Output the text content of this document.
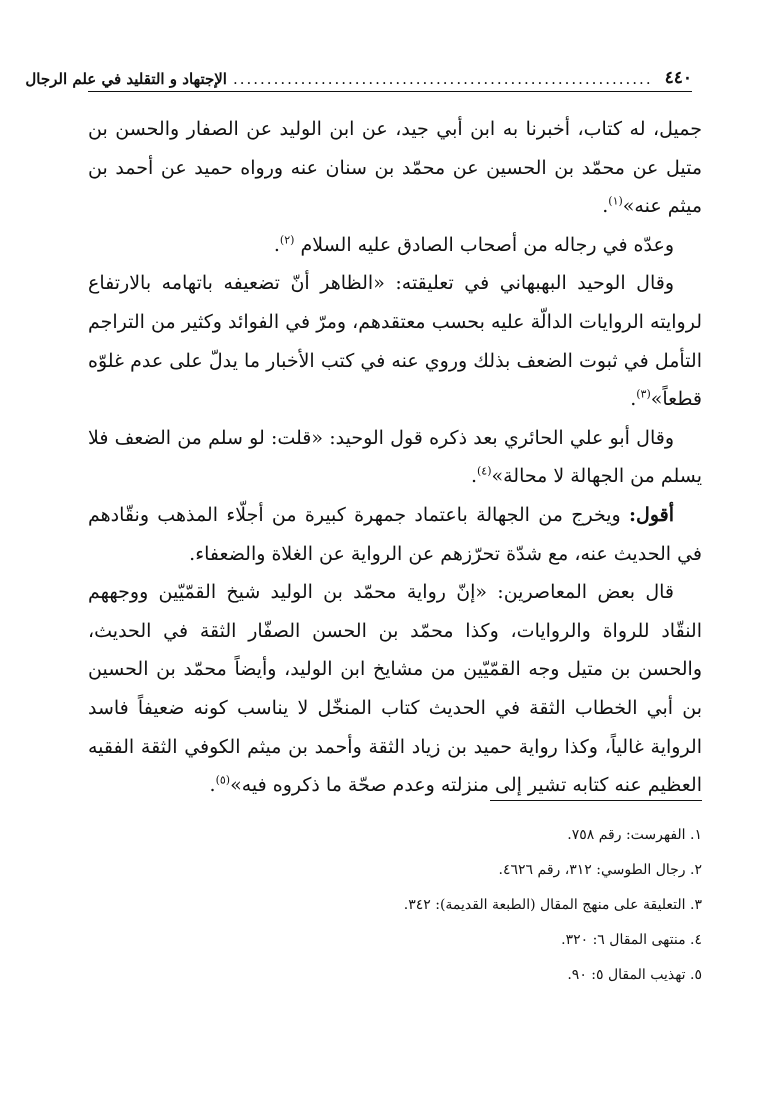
٤٤٠
..............................................................
الإجتهاد و التقليد في علم الرجال

جميل، له كتاب، أخبرنا به ابن أبي جيد، عن ابن الوليد عن الصفار والحسن بن متيل عن محمّد بن الحسين عن محمّد بن سنان عنه ورواه حميد عن أحمد بن ميثم عنه»$^{(١)}$.

وعدّه في رجاله من أصحاب الصادق عليه السلام $^{(٢)}$.

وقال الوحيد البهبهاني في تعليقته: «الظاهر أنّ تضعيفه باتهامه بالارتفاع لروايته الروايات الدالّة عليه بحسب معتقدهم، ومرّ في الفوائد وكثير من التراجم التأمل في ثبوت الضعف بذلك وروي عنه في كتب الأخبار ما يدلّ على عدم غلوّه قطعاً»$^{(٣)}$.

وقال أبو علي الحائري بعد ذكره قول الوحيد: «قلت: لو سلم من الضعف فلا يسلم من الجهالة لا محالة»$^{(٤)}$.

أقول: ويخرج من الجهالة باعتماد جمهرة كبيرة من أجلّاء المذهب ونقّادهم في الحديث عنه، مع شدّة تحرّزهم عن الرواية عن الغلاة والضعفاء.

قال بعض المعاصرين: «إنّ رواية محمّد بن الوليد شيخ القمّيّين ووجههم النقّاد للرواة والروايات، وكذا محمّد بن الحسن الصفّار الثقة في الحديث، والحسن بن متيل وجه القمّيّين من مشايخ ابن الوليد، وأيضاً محمّد بن الحسين بن أبي الخطاب الثقة في الحديث كتاب المنخّل لا يناسب كونه ضعيفاً فاسد الرواية غالياً، وكذا رواية حميد بن زياد الثقة وأحمد بن ميثم الكوفي الثقة الفقيه العظيم عنه كتابه تشير إلى منزلته وعدم صحّة ما ذكروه فيه»$^{(٥)}$.

١. الفهرست: رقم ٧٥٨.
٢. رجال الطوسي: ٣١٢، رقم ٤٦٢٦.
٣. التعليقة على منهج المقال (الطبعة القديمة): ٣٤٢.
٤. منتهى المقال ٦: ٣٢٠.
٥. تهذيب المقال ٥: ٩٠.
